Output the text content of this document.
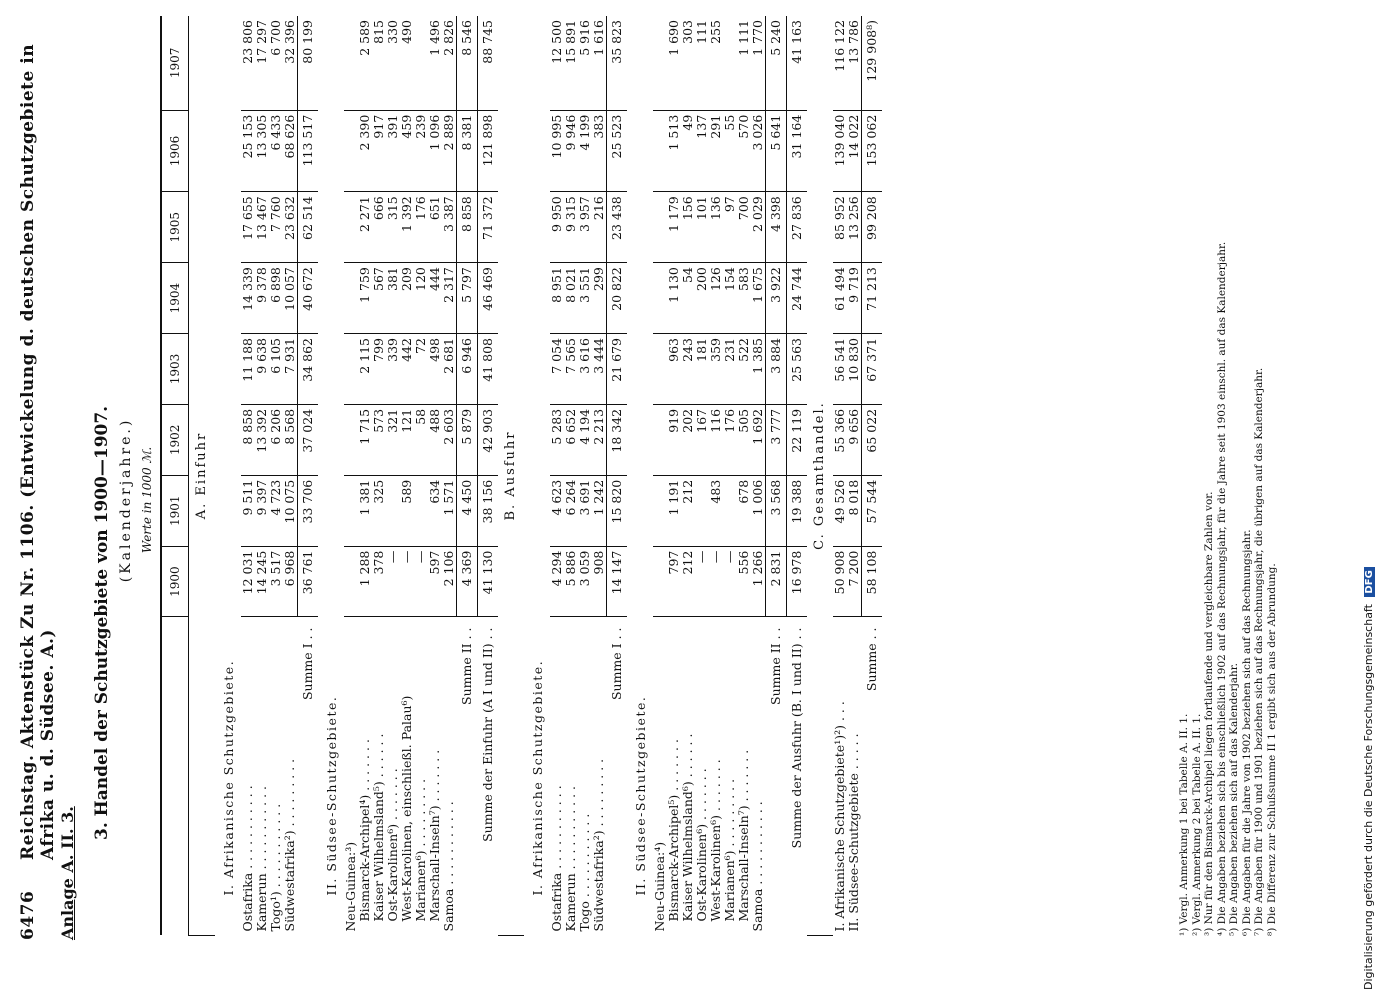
6476
Reichstag. Aktenstück Zu Nr. 1106. (Entwickelung d. deutschen Schutzgebiete in Afrika u. d. Südsee. A.)
Anlage A. II. 3.
3. Handel der Schutzgebiete von 1900—1907. (Kalenderjahre.) Werte in 1000 ℳ.
	1900	1901	1902	1903	1904	1905	1906	1907
A. Einfuhr								
I. Afrikanische Schutzgebiete.								
Ostafrika . . . . . . . . . . .	12 031	9 511	8 858	11 188	14 339	17 655	25 153	23 806
Kamerun . . . . . . . . . . .	14 245	9 397	13 392	9 638	9 378	13 467	13 305	17 297
Togo¹) . . . . . . . . . . .	3 517	4 723	6 206	6 105	6 898	7 760	6 433	6 700
Südwestafrika²) . . . . . . . . .	6 968	10 075	8 568	7 931	10 057	23 632	68 626	32 396
Summe I . .	36 761	33 706	37 024	34 862	40 672	62 514	113 517	80 199
II. Südsee-Schutzgebiete.								
Neu-Guinea:³)								
Bismarck-Archipel⁴) . . . . . . .	1 288	1 381	1 715	2 115	1 759	2 271	2 390	2 589
Kaiser Wilhelmsland⁵) . . . . . .	378	325	573	799	567	666	917	815
Ost-Karolinen⁶) . . . . . . .	—		321	339	381	315	391	330
West-Karolinen, einschließl. Palau⁶)	—	589	121	442	209	1 392	459	490
Marianen⁶) . . . . . . . . .	—		58	72	120	176	239	
Marschall-Inseln⁷) . . . . . . .	597	634	488	498	444	651	1 096	1 496
Samoa . . . . . . . . . . .	2 106	1 571	2 603	2 681	2 317	3 387	2 889	2 826
Summe II . .	4 369	4 450	5 879	6 946	5 797	8 858	8 381	8 546
Summe der Einfuhr (A I und II) . .	41 130	38 156	42 903	41 808	46 469	71 372	121 898	88 745
B. Ausfuhr								
I. Afrikanische Schutzgebiete.								
Ostafrika . . . . . . . . . . .	4 294	4 623	5 283	7 054	8 951	9 950	10 995	12 500
Kamerun . . . . . . . . . . .	5 886	6 264	6 652	7 565	8 021	9 315	9 946	15 891
Togo . . . . . . . . . . .	3 059	3 691	4 194	3 616	3 551	3 957	4 199	5 916
Südwestafrika²) . . . . . . . . .	908	1 242	2 213	3 444	299	216	383	1 616
Summe I . .	14 147	15 820	18 342	21 679	20 822	23 438	25 523	35 823
II. Südsee-Schutzgebiete.								
Neu-Guinea:⁴)								
Bismarck-Archipel⁵) . . . . . . .	797	1 191	919	963	1 130	1 179	1 513	1 690
Kaiser Wilhelmsland⁶) . . . . . .	212	212	202	243	54	156	49	303
Ost-Karolinen⁶) . . . . . . .	—		167	181	200	101	137	111
West-Karolinen⁶) . . . . . . .	—	483	116	359	126	136	291	255
Marianen⁶) . . . . . . . . .	—		176	231	154	97	55	
Marschall-Inseln⁷) . . . . . . .	556	678	505	522	583	700	570	1 111
Samoa . . . . . . . . . . .	1 266	1 006	1 692	1 385	1 675	2 029	3 026	1 770
Summe II . .	2 831	3 568	3 777	3 884	3 922	4 398	5 641	5 240
Summe der Ausfuhr (B. I und II) . .	16 978	19 388	22 119	25 563	24 744	27 836	31 164	41 163
C. Gesamthandel.								
I. Afrikanische Schutzgebiete¹)²) . . .	50 908	49 526	55 366	56 541	61 494	85 952	139 040	116 122
II. Südsee-Schutzgebiete . . . . .	7 200	8 018	9 656	10 830	9 719	13 256	14 022	13 786
Summe . .	58 108	57 544	65 022	67 371	71 213	99 208	153 062	129 908⁸)
¹) Vergl. Anmerkung 1 bei Tabelle A. II. 1. ²) Vergl. Anmerkung 2 bei Tabelle A. II. 1. ³) Nur für den Bismarck-Archipel liegen fortlaufende und vergleichbare Zahlen vor. ⁴) Die Angaben beziehen sich bis einschließlich 1902 auf das Rechnungsjahr, für die Jahre seit 1903 einschl. auf das Kalenderjahr. ⁵) Die Angaben beziehen sich auf das Kalenderjahr. ⁶) Die Angaben für die Jahre von 1902 beziehen sich auf das Rechnungsjahr. ⁷) Die Angaben für 1900 und 1901 beziehen sich auf das Rechnungsjahr, die übrigen auf das Kalenderjahr. ⁸) Die Differenz zur Schlußsumme II 1 ergibt sich aus der Abrundung.	Digitalisierung gefördert durch die Deutsche Forschungsgemeinschaft DFG
